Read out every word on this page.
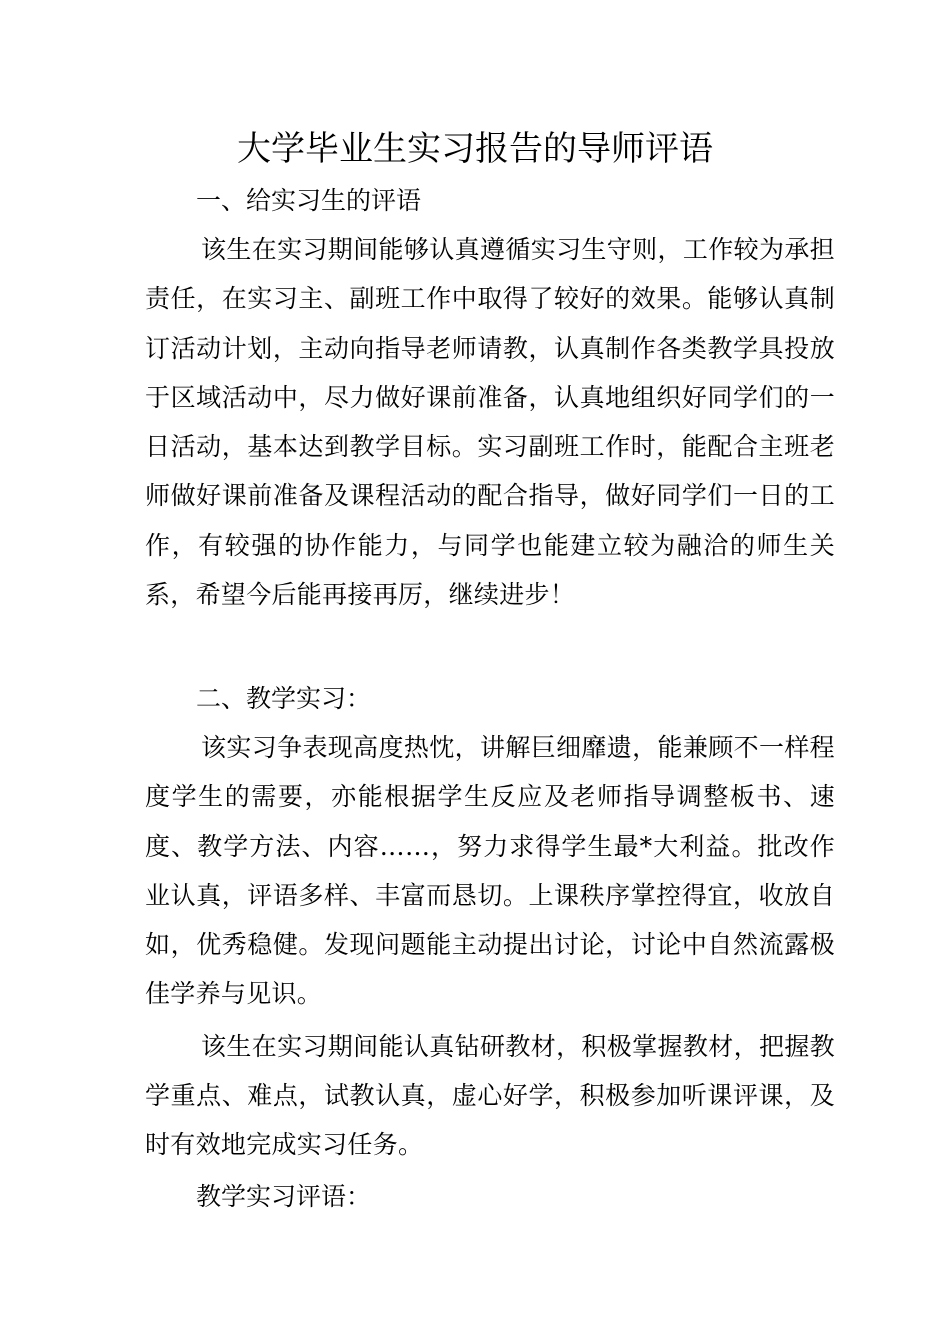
大学毕业生实习报告的导师评语

一、给实习生的评语

该生在实习期间能够认真遵循实习生守则，工作较为承担责任，在实习主、副班工作中取得了较好的效果。能够认真制订活动计划，主动向指导老师请教，认真制作各类教学具投放于区域活动中，尽力做好课前准备，认真地组织好同学们的一日活动，基本达到教学目标。实习副班工作时，能配合主班老师做好课前准备及课程活动的配合指导，做好同学们一日的工作，有较强的协作能力，与同学也能建立较为融洽的师生关系，希望今后能再接再厉，继续进步！

二、教学实习：

该实习争表现高度热忱，讲解巨细靡遗，能兼顾不一样程度学生的需要，亦能根据学生反应及老师指导调整板书、速度、教学方法、内容……，努力求得学生最*大利益。批改作业认真，评语多样、丰富而恳切。上课秩序掌控得宜，收放自如，优秀稳健。发现问题能主动提出讨论，讨论中自然流露极佳学养与见识。

该生在实习期间能认真钻研教材，积极掌握教材，把握教学重点、难点，试教认真，虚心好学，积极参加听课评课，及时有效地完成实习任务。

教学实习评语：
